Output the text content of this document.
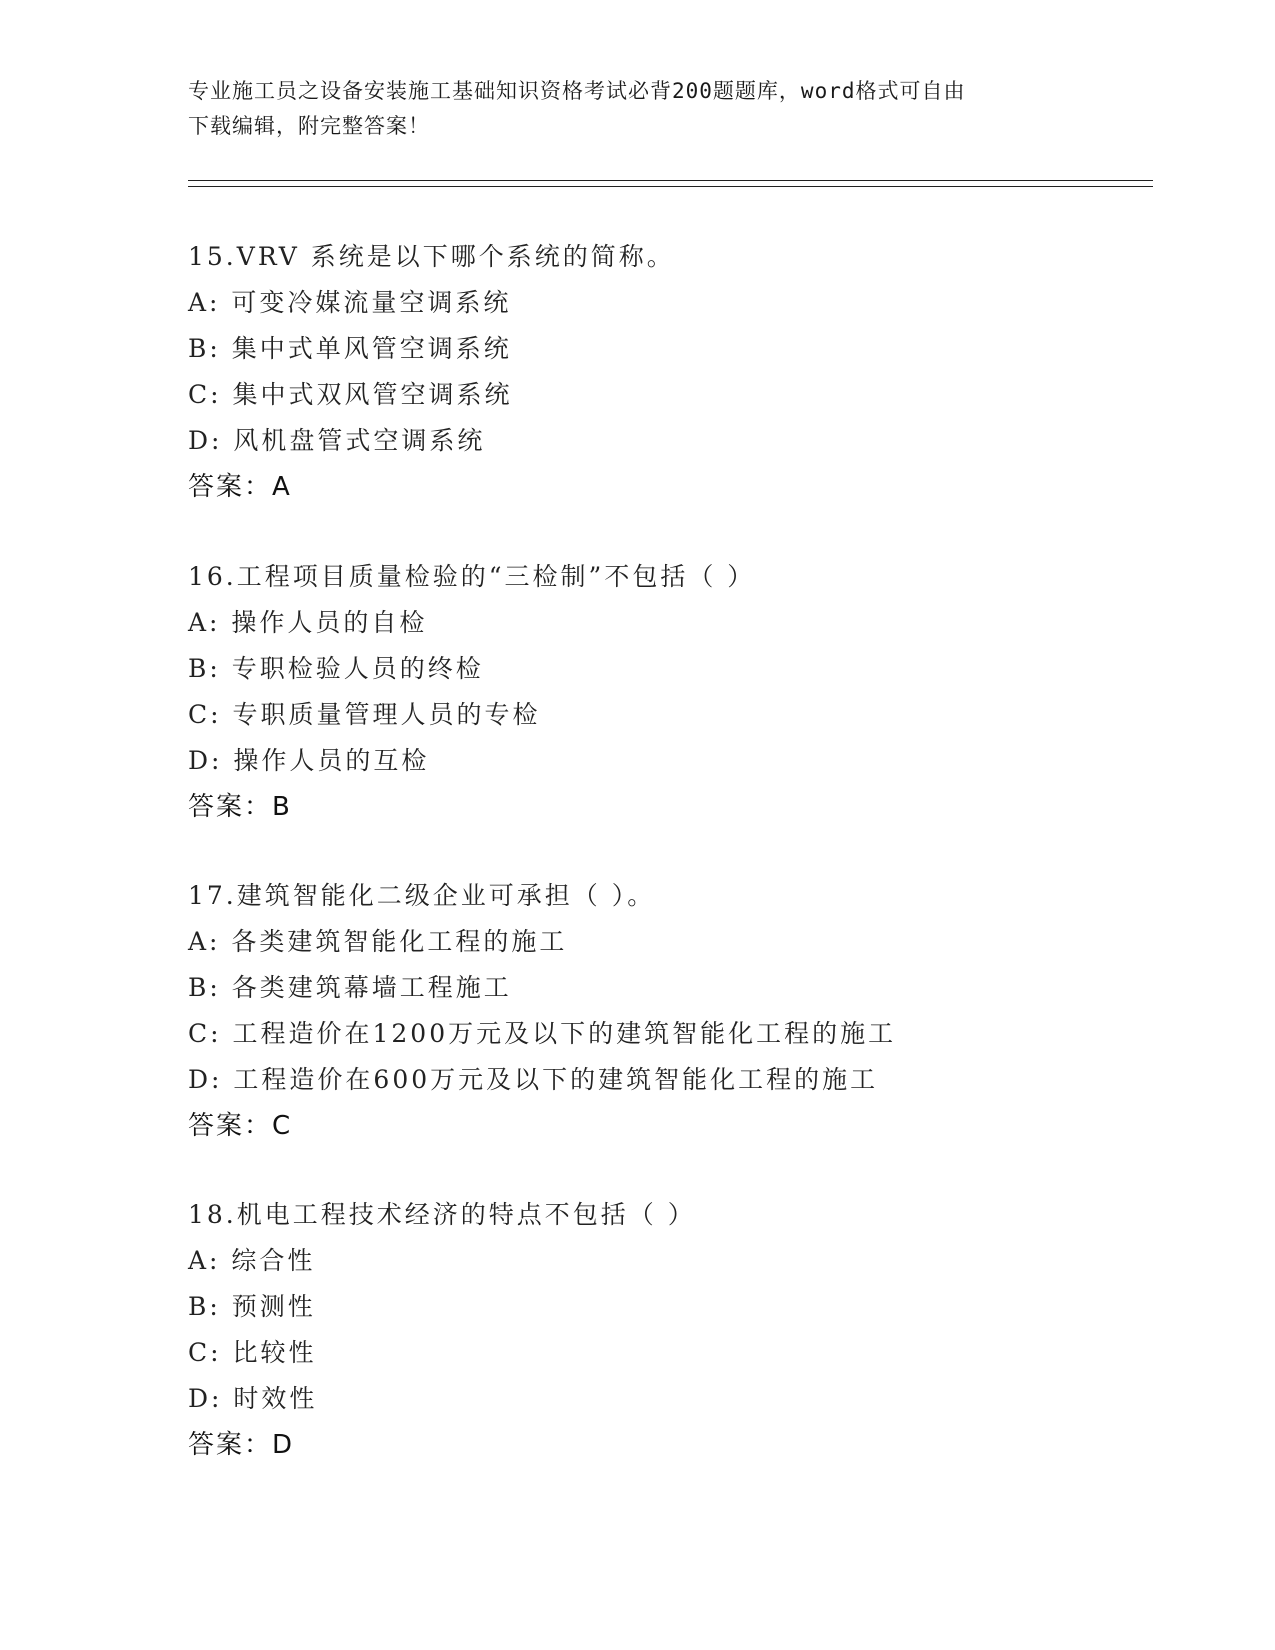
专业施工员之设备安装施工基础知识资格考试必背200题题库，word格式可自由
下载编辑，附完整答案！
15.VRV 系统是以下哪个系统的简称。
A: 可变冷媒流量空调系统
B: 集中式单风管空调系统
C: 集中式双风管空调系统
D: 风机盘管式空调系统
答案：A
16.工程项目质量检验的“三检制”不包括（ ）
A: 操作人员的自检
B: 专职检验人员的终检
C: 专职质量管理人员的专检
D: 操作人员的互检
答案：B
17.建筑智能化二级企业可承担（ ）。
A: 各类建筑智能化工程的施工
B: 各类建筑幕墙工程施工
C: 工程造价在1200万元及以下的建筑智能化工程的施工
D: 工程造价在600万元及以下的建筑智能化工程的施工
答案：C
18.机电工程技术经济的特点不包括（ ）
A: 综合性
B: 预测性
C: 比较性
D: 时效性
答案：D
